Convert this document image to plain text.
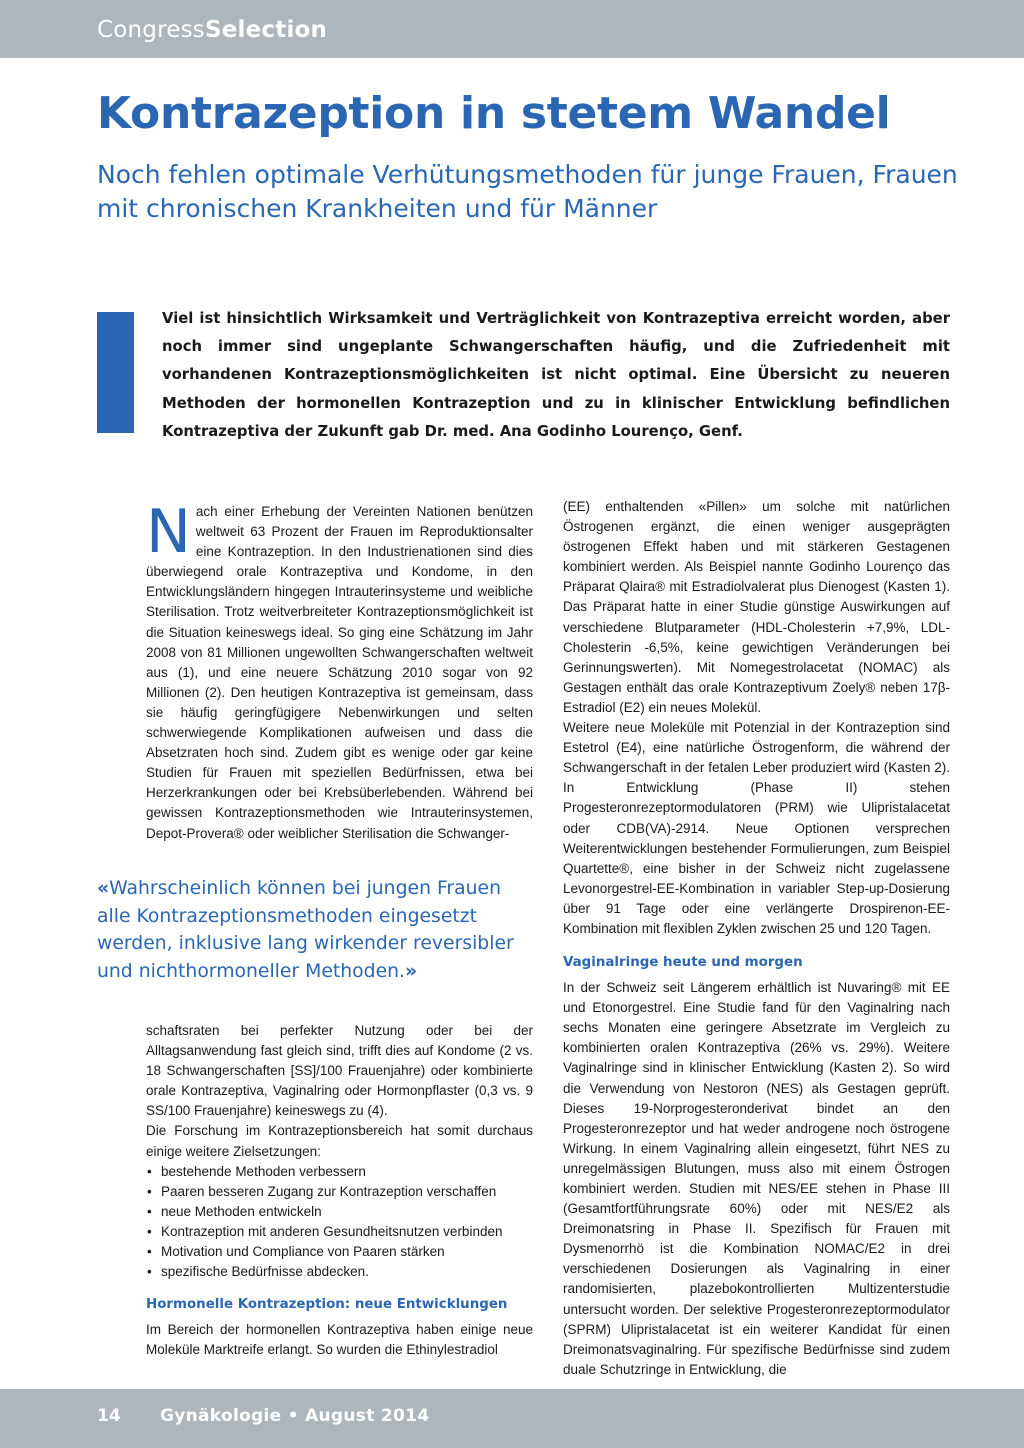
CongressSelection
Kontrazeption in stetem Wandel

Noch fehlen optimale Verhütungsmethoden für junge Frauen, Frauen mit chronischen Krankheiten und für Männer

Viel ist hinsichtlich Wirksamkeit und Verträglichkeit von Kontrazeptiva erreicht worden, aber noch immer sind ungeplante Schwangerschaften häufig, und die Zufriedenheit mit vorhandenen Kontrazeptionsmöglichkeiten ist nicht optimal. Eine Übersicht zu neueren Methoden der hormonellen Kontrazeption und zu in klinischer Entwicklung befindlichen Kontrazeptiva der Zukunft gab Dr. med. Ana Godinho Lourenço, Genf.

Nach einer Erhebung der Vereinten Nationen benützen weltweit 63 Prozent der Frauen im Reproduktionsalter eine Kontrazeption. In den Industrienationen sind dies überwiegend orale Kontrazeptiva und Kondome, in den Entwicklungsländern hingegen Intrauterinsysteme und weibliche Sterilisation. Trotz weitverbreiteter Kontrazeptionsmöglichkeit ist die Situation keineswegs ideal. So ging eine Schätzung im Jahr 2008 von 81 Millionen ungewollten Schwangerschaften weltweit aus (1), und eine neuere Schätzung 2010 sogar von 92 Millionen (2). Den heutigen Kontrazeptiva ist gemeinsam, dass sie häufig geringfügigere Nebenwirkungen und selten schwerwiegende Komplikationen aufweisen und dass die Absetzraten hoch sind. Zudem gibt es wenige oder gar keine Studien für Frauen mit speziellen Bedürfnissen, etwa bei Herzerkrankungen oder bei Krebsüberlebenden. Während bei gewissen Kontrazeptionsmethoden wie Intrauterinsystemen, Depot-Provera® oder weiblicher Sterilisation die Schwanger-

«Wahrscheinlich können bei jungen Frauen alle Kontrazeptionsmethoden eingesetzt werden, inklusive lang wirkender reversibler und nichthormoneller Methoden.»

schaftsraten bei perfekter Nutzung oder bei der Alltagsanwendung fast gleich sind, trifft dies auf Kondome (2 vs. 18 Schwangerschaften [SS]/100 Frauenjahre) oder kombinierte orale Kontrazeptiva, Vaginalring oder Hormonpflaster (0,3 vs. 9 SS/100 Frauenjahre) keineswegs zu (4).

Die Forschung im Kontrazeptionsbereich hat somit durchaus einige weitere Zielsetzungen:

• bestehende Methoden verbessern
• Paaren besseren Zugang zur Kontrazeption verschaffen
• neue Methoden entwickeln
• Kontrazeption mit anderen Gesundheitsnutzen verbinden
• Motivation und Compliance von Paaren stärken
• spezifische Bedürfnisse abdecken.
Hormonelle Kontrazeption: neue Entwicklungen

Im Bereich der hormonellen Kontrazeptiva haben einige neue Moleküle Marktreife erlangt. So wurden die Ethinylestradiol

(EE) enthaltenden «Pillen» um solche mit natürlichen Östrogenen ergänzt, die einen weniger ausgeprägten östrogenen Effekt haben und mit stärkeren Gestagenen kombiniert werden. Als Beispiel nannte Godinho Lourenço das Präparat Qlaira® mit Estradiolvalerat plus Dienogest (Kasten 1). Das Präparat hatte in einer Studie günstige Auswirkungen auf verschiedene Blutparameter (HDL-Cholesterin +7,9%, LDL-Cholesterin -6,5%, keine gewichtigen Veränderungen bei Gerinnungswerten). Mit Nomegestrolacetat (NOMAC) als Gestagen enthält das orale Kontrazeptivum Zoely® neben 17β-Estradiol (E2) ein neues Molekül.

Weitere neue Moleküle mit Potenzial in der Kontrazeption sind Estetrol (E4), eine natürliche Östrogenform, die während der Schwangerschaft in der fetalen Leber produziert wird (Kasten 2). In Entwicklung (Phase II) stehen Progesteronrezeptormodulatoren (PRM) wie Ulipristalacetat oder CDB(VA)-2914. Neue Optionen versprechen Weiterentwicklungen bestehender Formulierungen, zum Beispiel Quartette®, eine bisher in der Schweiz nicht zugelassene Levonorgestrel-EE-Kombination in variabler Step-up-Dosierung über 91 Tage oder eine verlängerte Drospirenon-EE-Kombination mit flexiblen Zyklen zwischen 25 und 120 Tagen.

Vaginalringe heute und morgen

In der Schweiz seit Längerem erhältlich ist Nuvaring® mit EE und Etonorgestrel. Eine Studie fand für den Vaginalring nach sechs Monaten eine geringere Absetzrate im Vergleich zu kombinierten oralen Kontrazeptiva (26% vs. 29%). Weitere Vaginalringe sind in klinischer Entwicklung (Kasten 2). So wird die Verwendung von Nestoron (NES) als Gestagen geprüft. Dieses 19-Norprogesteronderivat bindet an den Progesteronrezeptor und hat weder androgene noch östrogene Wirkung. In einem Vaginalring allein eingesetzt, führt NES zu unregelmässigen Blutungen, muss also mit einem Östrogen kombiniert werden. Studien mit NES/EE stehen in Phase III (Gesamtfortführungsrate 60%) oder mit NES/E2 als Dreimonatsring in Phase II. Spezifisch für Frauen mit Dysmenorrhö ist die Kombination NOMAC/E2 in drei verschiedenen Dosierungen als Vaginalring in einer randomisierten, plazebokontrollierten Multizenterstudie untersucht worden. Der selektive Progesteronrezeptormodulator (SPRM) Ulipristalacetat ist ein weiterer Kandidat für einen Dreimonatsvaginalring. Für spezifische Bedürfnisse sind zudem duale Schutzringe in Entwicklung, die

14 Gynäkologie • August 2014
